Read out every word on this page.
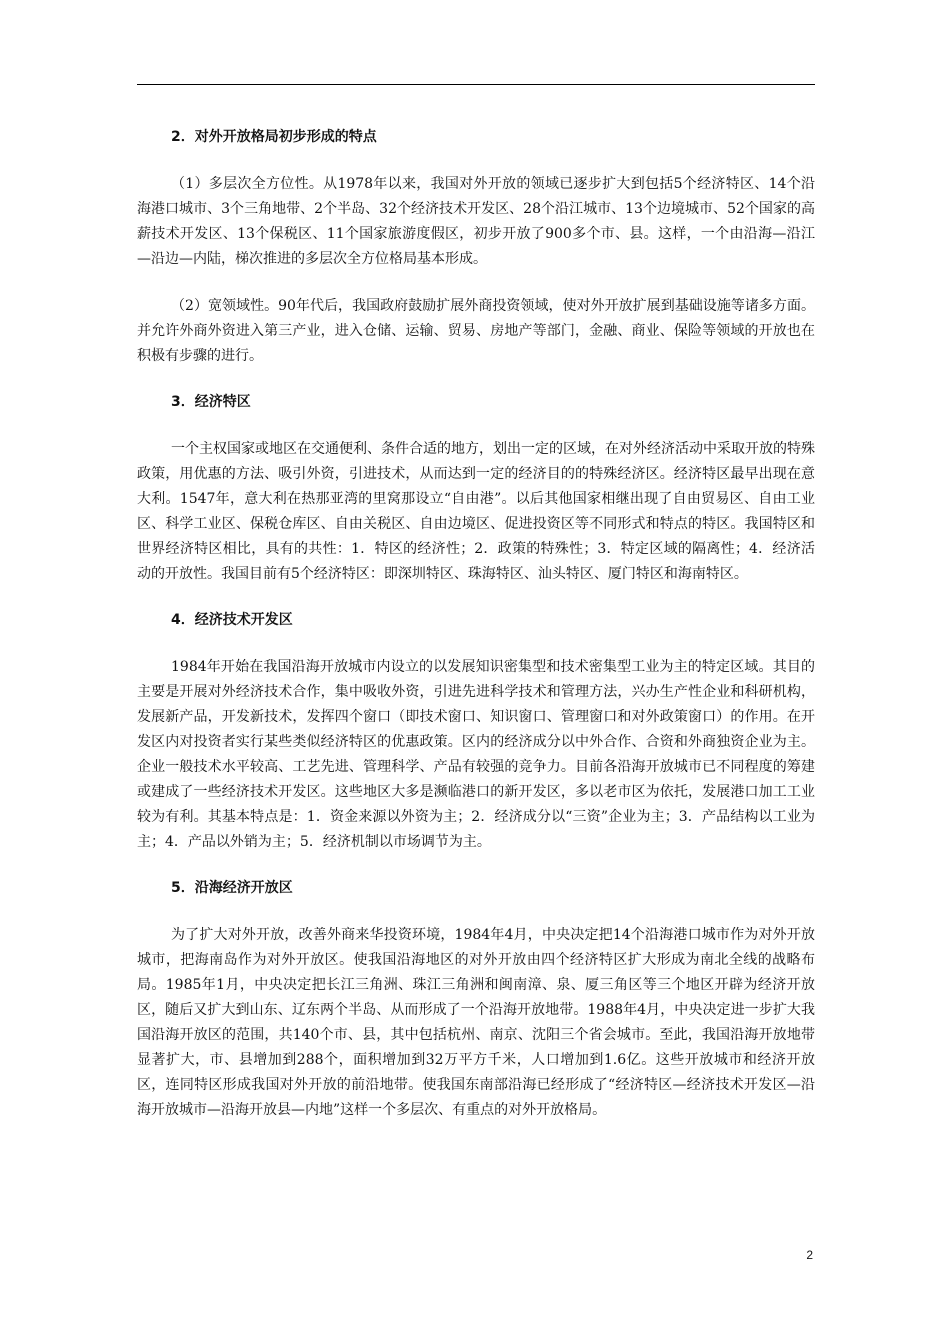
2．对外开放格局初步形成的特点

（1）多层次全方位性。从1978年以来，我国对外开放的领域已逐步扩大到包括5个经济特区、14个沿海港口城市、3个三角地带、2个半岛、32个经济技术开发区、28个沿江城市、13个边境城市、52个国家的高薪技术开发区、13个保税区、11个国家旅游度假区，初步开放了900多个市、县。这样，一个由沿海—沿江—沿边—内陆，梯次推进的多层次全方位格局基本形成。

（2）宽领域性。90年代后，我国政府鼓励扩展外商投资领域，使对外开放扩展到基础设施等诸多方面。并允许外商外资进入第三产业，进入仓储、运输、贸易、房地产等部门，金融、商业、保险等领域的开放也在积极有步骤的进行。

3．经济特区

一个主权国家或地区在交通便利、条件合适的地方，划出一定的区域，在对外经济活动中采取开放的特殊政策，用优惠的方法、吸引外资，引进技术，从而达到一定的经济目的的特殊经济区。经济特区最早出现在意大利。1547年，意大利在热那亚湾的里窝那设立“自由港”。以后其他国家相继出现了自由贸易区、自由工业区、科学工业区、保税仓库区、自由关税区、自由边境区、促进投资区等不同形式和特点的特区。我国特区和世界经济特区相比，具有的共性：1．特区的经济性；2．政策的特殊性；3．特定区域的隔离性；4．经济活动的开放性。我国目前有5个经济特区：即深圳特区、珠海特区、汕头特区、厦门特区和海南特区。

4．经济技术开发区

1984年开始在我国沿海开放城市内设立的以发展知识密集型和技术密集型工业为主的特定区域。其目的主要是开展对外经济技术合作，集中吸收外资，引进先进科学技术和管理方法，兴办生产性企业和科研机构，发展新产品，开发新技术，发挥四个窗口（即技术窗口、知识窗口、管理窗口和对外政策窗口）的作用。在开发区内对投资者实行某些类似经济特区的优惠政策。区内的经济成分以中外合作、合资和外商独资企业为主。企业一般技术水平较高、工艺先进、管理科学、产品有较强的竞争力。目前各沿海开放城市已不同程度的筹建或建成了一些经济技术开发区。这些地区大多是濒临港口的新开发区，多以老市区为依托，发展港口加工工业较为有利。其基本特点是：1．资金来源以外资为主；2．经济成分以“三资”企业为主；3．产品结构以工业为主；4．产品以外销为主；5．经济机制以市场调节为主。

5．沿海经济开放区

为了扩大对外开放，改善外商来华投资环境，1984年4月，中央决定把14个沿海港口城市作为对外开放城市，把海南岛作为对外开放区。使我国沿海地区的对外开放由四个经济特区扩大形成为南北全线的战略布局。1985年1月，中央决定把长江三角洲、珠江三角洲和闽南漳、泉、厦三角区等三个地区开辟为经济开放区，随后又扩大到山东、辽东两个半岛、从而形成了一个沿海开放地带。1988年4月，中央决定进一步扩大我国沿海开放区的范围，共140个市、县，其中包括杭州、南京、沈阳三个省会城市。至此，我国沿海开放地带显著扩大，市、县增加到288个，面积增加到32万平方千米，人口增加到1.6亿。这些开放城市和经济开放区，连同特区形成我国对外开放的前沿地带。使我国东南部沿海已经形成了“经济特区—经济技术开发区—沿海开放城市—沿海开放县—内地”这样一个多层次、有重点的对外开放格局。

2
